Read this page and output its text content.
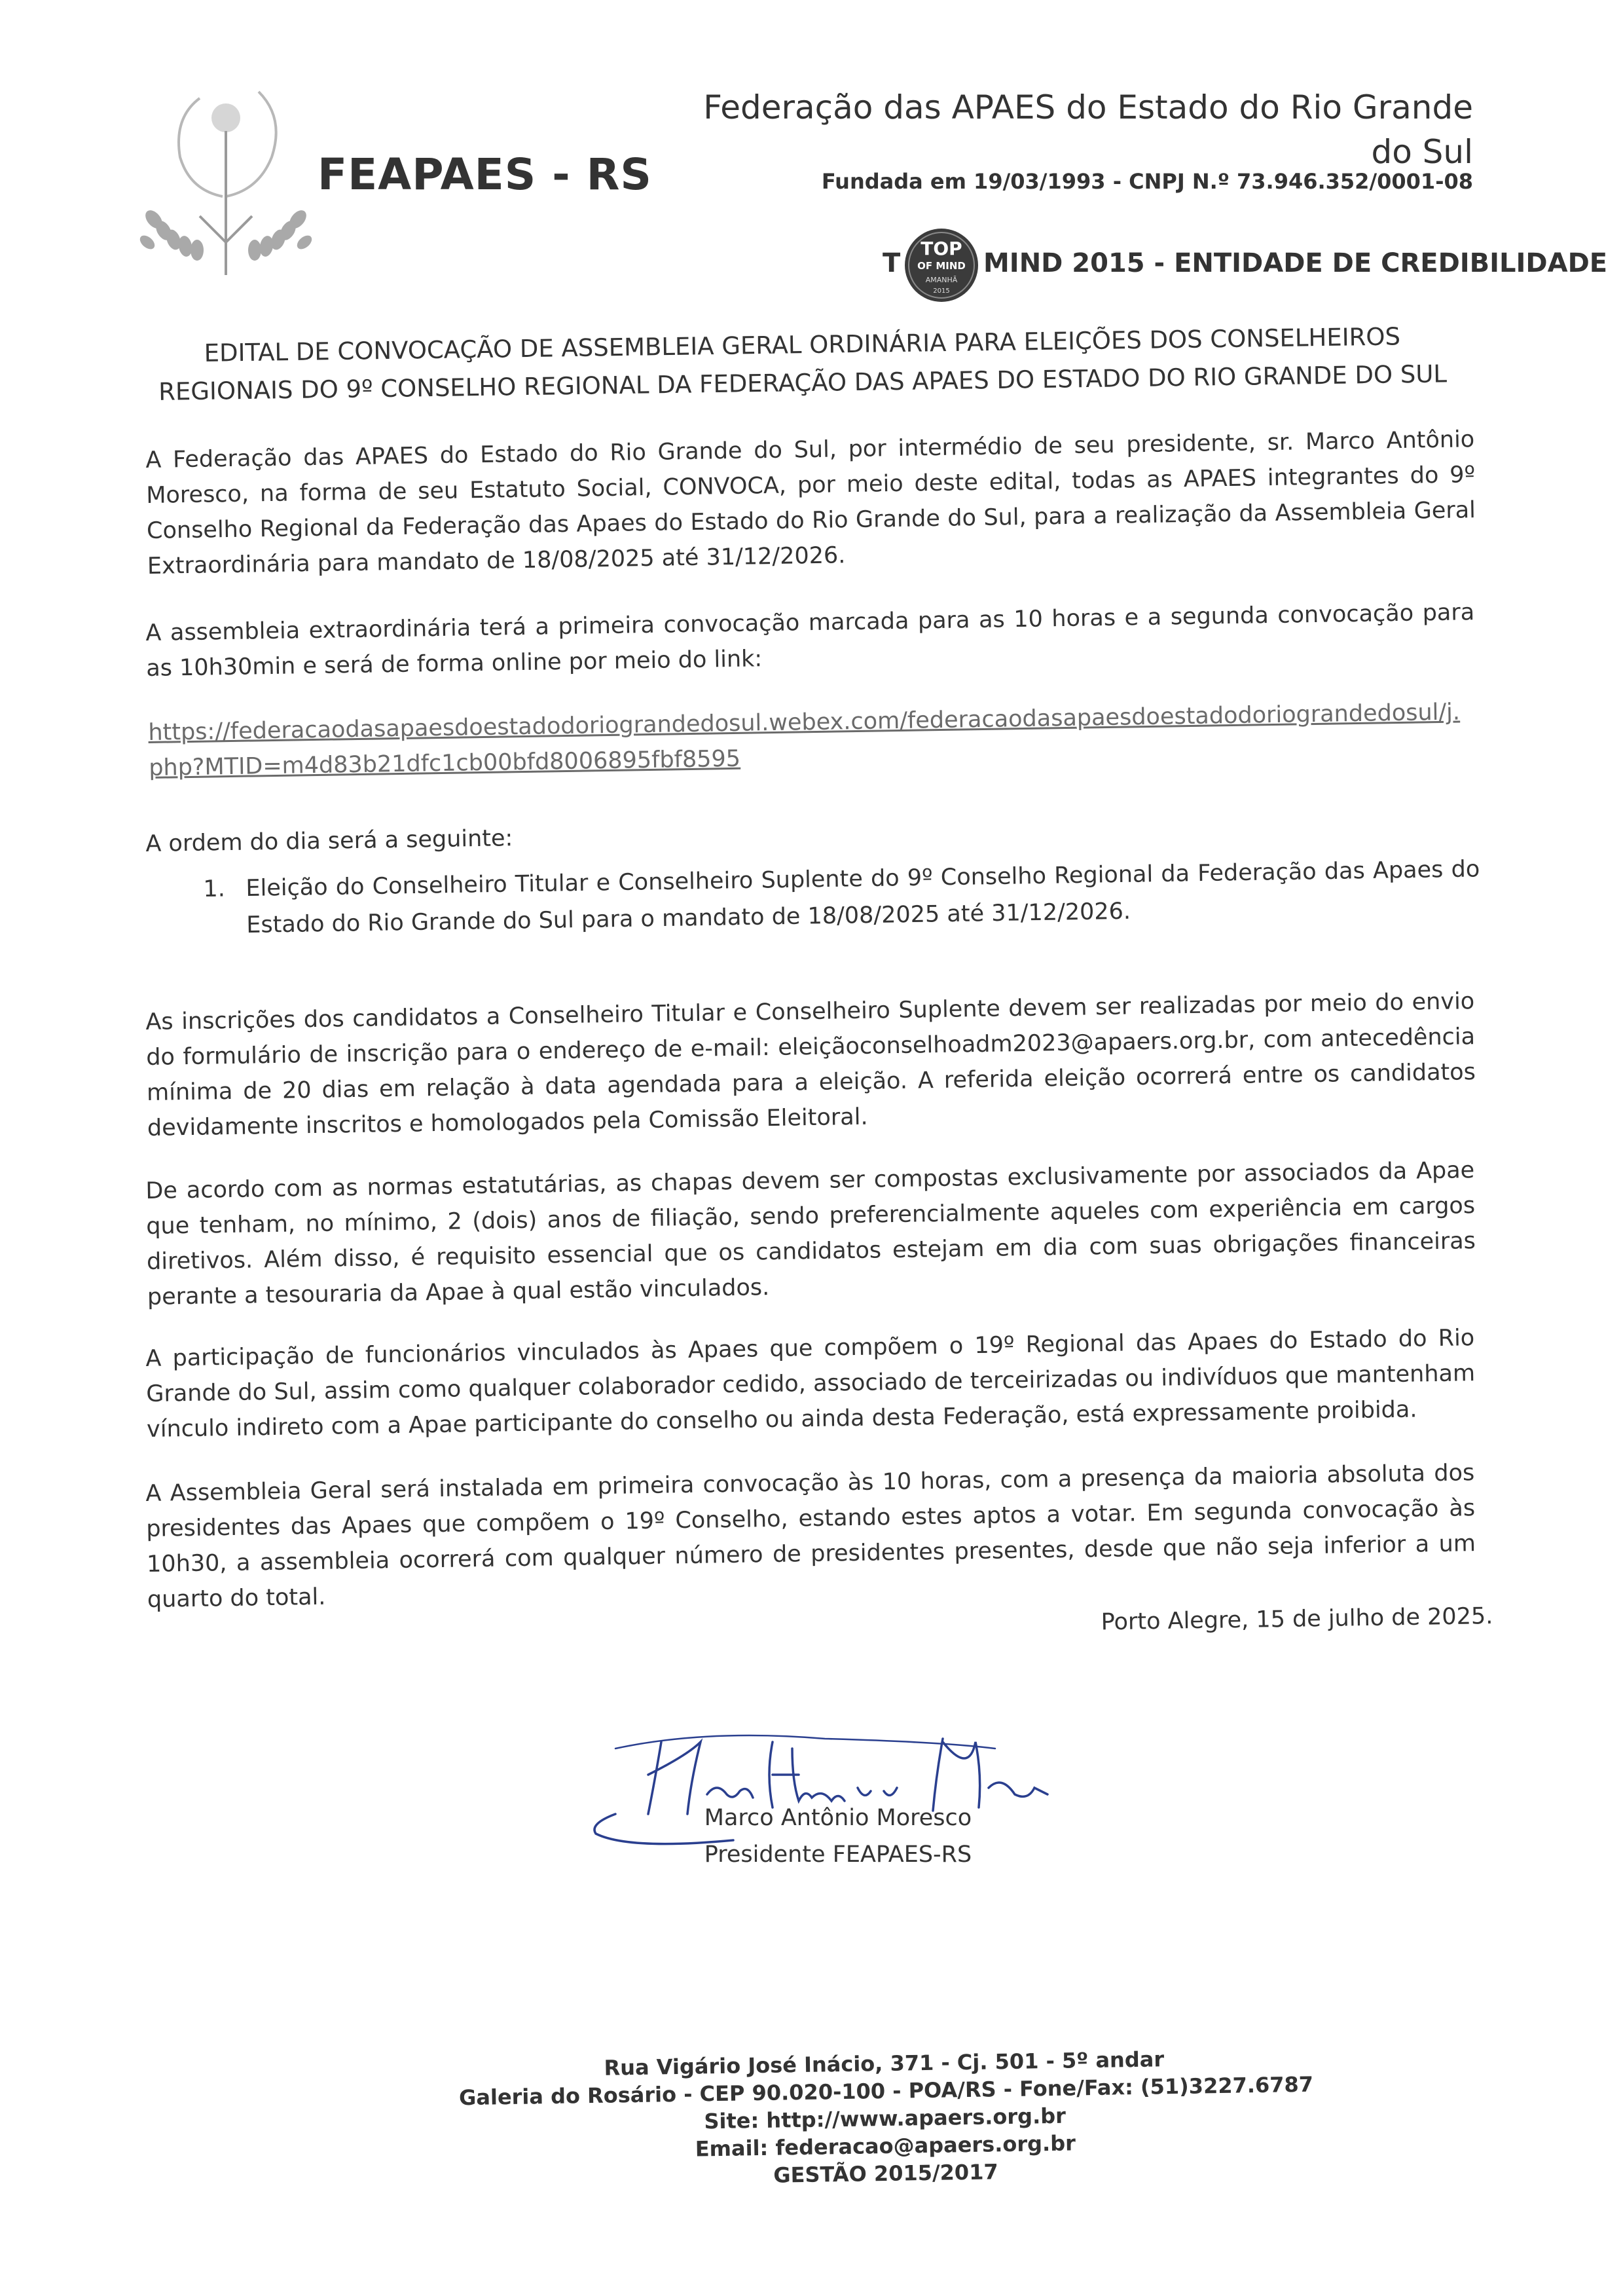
FEAPAES - RS
Federação das APAES do Estado do Rio Grande do Sul
Fundada em 19/03/1993 - CNPJ N.º 73.946.352/0001-08
T TOP
OF MIND
AMANHÃ
2015
MIND 2015 - ENTIDADE DE CREDIBILIDADE
EDITAL DE CONVOCAÇÃO DE ASSEMBLEIA GERAL ORDINÁRIA PARA ELEIÇÕES DOS CONSELHEIROS REGIONAIS DO 9º CONSELHO REGIONAL DA FEDERAÇÃO DAS APAES DO ESTADO DO RIO GRANDE DO SUL
A Federação das APAES do Estado do Rio Grande do Sul, por intermédio de seu presidente, sr. Marco Antônio Moresco, na forma de seu Estatuto Social, CONVOCA, por meio deste edital, todas as APAES integrantes do 9º Conselho Regional da Federação das Apaes do Estado do Rio Grande do Sul, para a realização da Assembleia Geral Extraordinária para mandato de 18/08/2025 até 31/12/2026.
A assembleia extraordinária terá a primeira convocação marcada para as 10 horas e a segunda convocação para as 10h30min e será de forma online por meio do link:
https://federacaodasapaesdoestadodoriograndedosul.webex.com/federacaodasapaesdoestadodoriograndedosul/j.php?MTID=m4d83b21dfc1cb00bfd8006895fbf8595
A ordem do dia será a seguinte:
1. Eleição do Conselheiro Titular e Conselheiro Suplente do 9º Conselho Regional da Federação das Apaes do Estado do Rio Grande do Sul para o mandato de 18/08/2025 até 31/12/2026.
As inscrições dos candidatos a Conselheiro Titular e Conselheiro Suplente devem ser realizadas por meio do envio do formulário de inscrição para o endereço de e-mail: eleiçãoconselhoadm2023@apaers.org.br, com antecedência mínima de 20 dias em relação à data agendada para a eleição. A referida eleição ocorrerá entre os candidatos devidamente inscritos e homologados pela Comissão Eleitoral.
De acordo com as normas estatutárias, as chapas devem ser compostas exclusivamente por associados da Apae que tenham, no mínimo, 2 (dois) anos de filiação, sendo preferencialmente aqueles com experiência em cargos diretivos. Além disso, é requisito essencial que os candidatos estejam em dia com suas obrigações financeiras perante a tesouraria da Apae à qual estão vinculados.
A participação de funcionários vinculados às Apaes que compõem o 19º Regional das Apaes do Estado do Rio Grande do Sul, assim como qualquer colaborador cedido, associado de terceirizadas ou indivíduos que mantenham vínculo indireto com a Apae participante do conselho ou ainda desta Federação, está expressamente proibida.
A Assembleia Geral será instalada em primeira convocação às 10 horas, com a presença da maioria absoluta dos presidentes das Apaes que compõem o 19º Conselho, estando estes aptos a votar. Em segunda convocação às 10h30, a assembleia ocorrerá com qualquer número de presidentes presentes, desde que não seja inferior a um quarto do total.
Porto Alegre, 15 de julho de 2025.
Marco Antônio Moresco
Presidente FEAPAES-RS
Rua Vigário José Inácio, 371 - Cj. 501 - 5º andar
Galeria do Rosário - CEP 90.020-100 - POA/RS - Fone/Fax: (51)3227.6787
Site: http://www.apaers.org.br
Email: federacao@apaers.org.br
GESTÃO 2015/2017
